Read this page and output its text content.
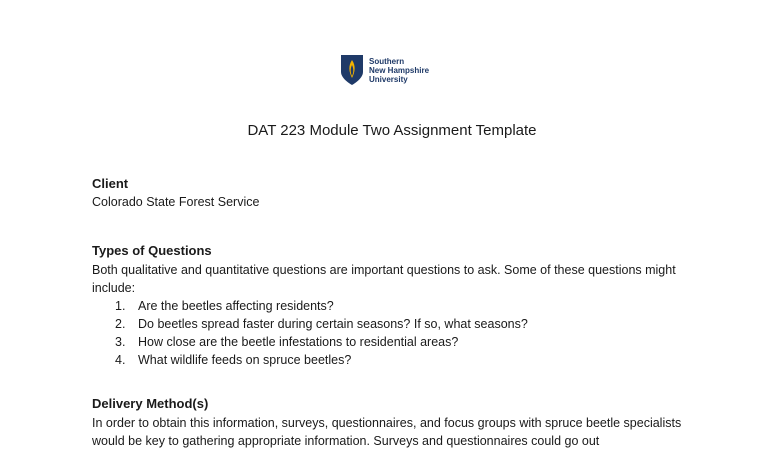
Southern
New Hampshire
University
DAT 223 Module Two Assignment Template
Client
Colorado State Forest Service
Types of Questions
Both qualitative and quantitative questions are important questions to ask. Some of these questions might include:
1. Are the beetles affecting residents?
2. Do beetles spread faster during certain seasons? If so, what seasons?
3. How close are the beetle infestations to residential areas?
4. What wildlife feeds on spruce beetles?
Delivery Method(s)
In order to obtain this information, surveys, questionnaires, and focus groups with spruce beetle specialists would be key to gathering appropriate information. Surveys and questionnaires could go out
